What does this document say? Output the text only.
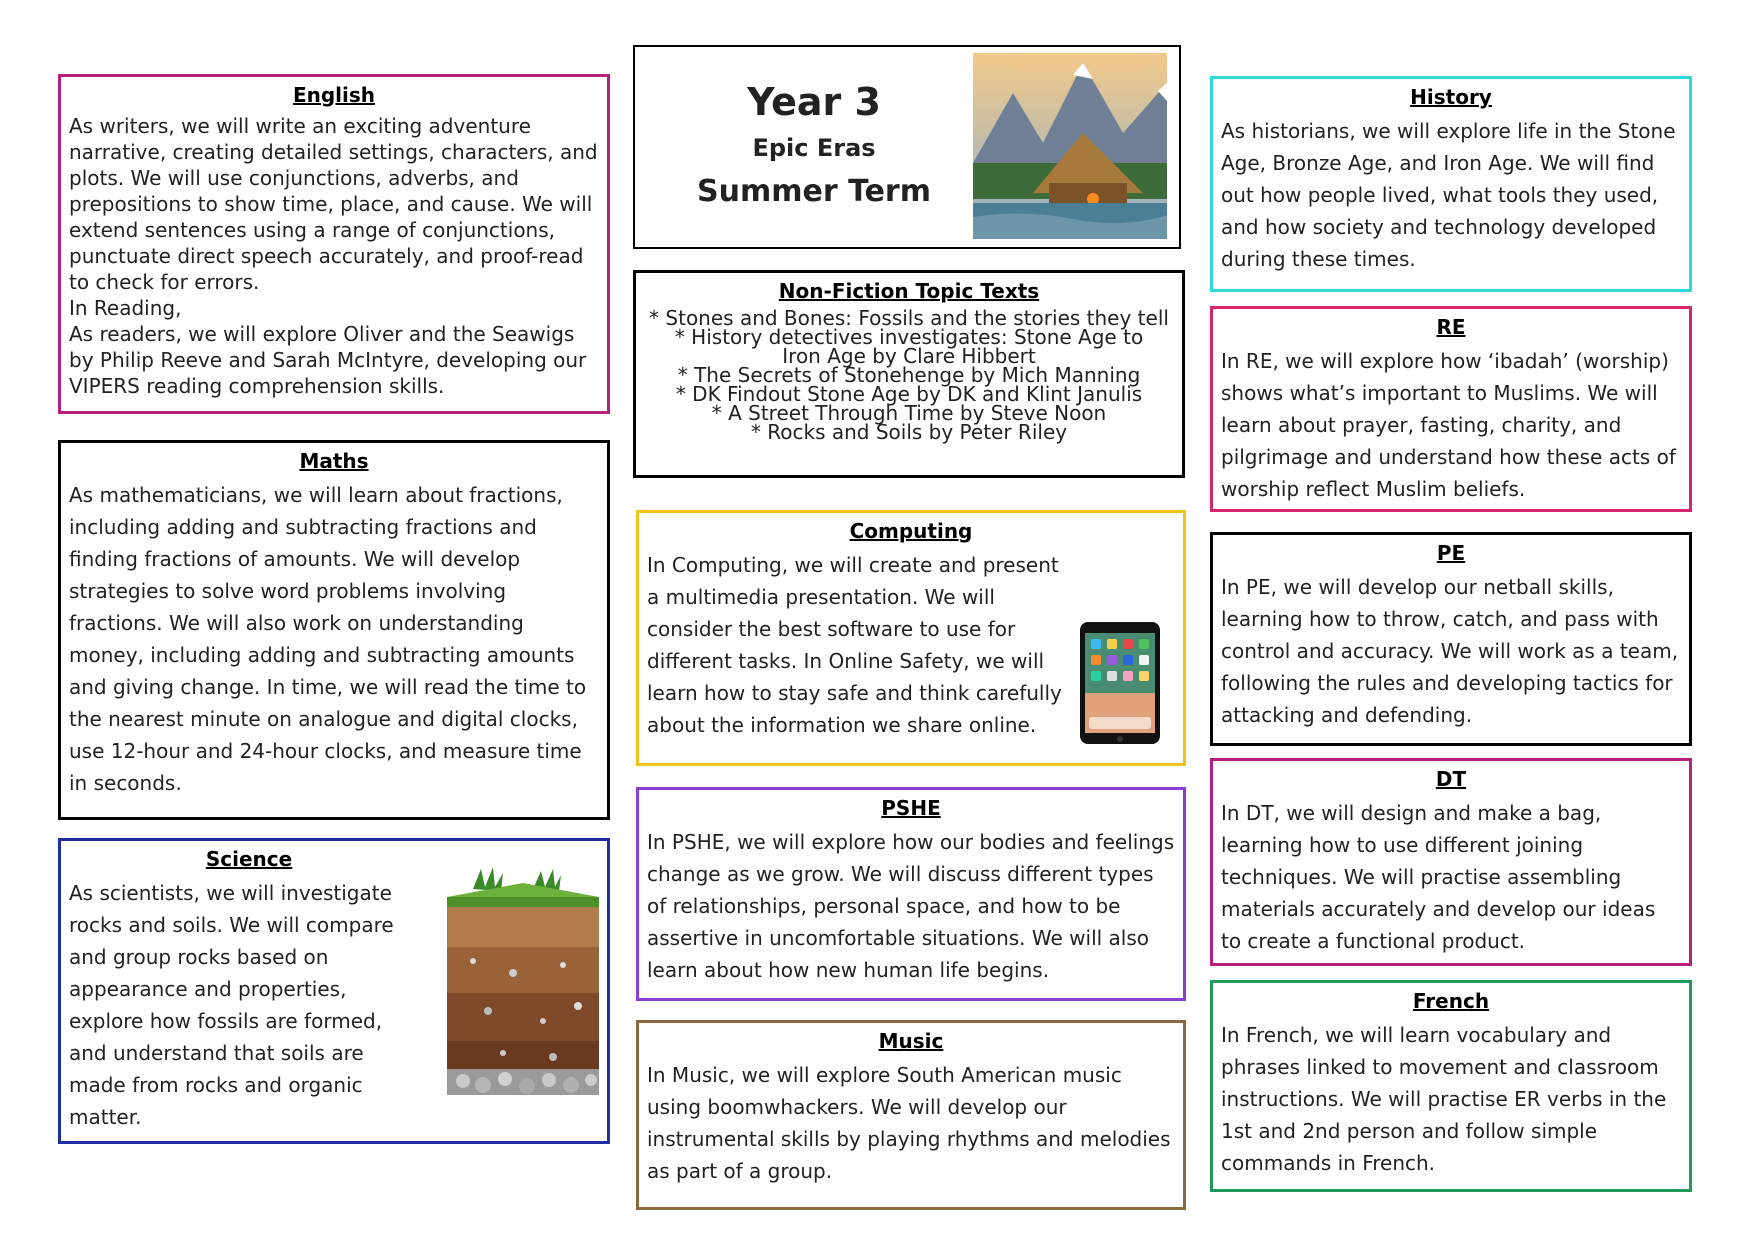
English

As writers, we will write an exciting adventure narrative, creating detailed settings, characters, and plots. We will use conjunctions, adverbs, and prepositions to show time, place, and cause. We will extend sentences using a range of conjunctions, punctuate direct speech accurately, and proof-read to check for errors.

In Reading,

As readers, we will explore Oliver and the Seawigs by Philip Reeve and Sarah McIntyre, developing our VIPERS reading comprehension skills.

Maths

As mathematicians, we will learn about fractions, including adding and subtracting fractions and finding fractions of amounts. We will develop strategies to solve word problems involving fractions. We will also work on understanding money, including adding and subtracting amounts and giving change. In time, we will read the time to the nearest minute on analogue and digital clocks, use 12-hour and 24-hour clocks, and measure time in seconds.

Science

As scientists, we will investigate rocks and soils. We will compare and group rocks based on appearance and properties, explore how fossils are formed, and understand that soils are made from rocks and organic matter.

Year 3

Epic Eras

Summer Term

Non-Fiction Topic Texts
* Stones and Bones: Fossils and the stories they tell
* History detectives investigates: Stone Age to Iron Age by Clare Hibbert
* The Secrets of Stonehenge by Mich Manning
* DK Findout Stone Age by DK and Klint Janulis
* A Street Through Time by Steve Noon
* Rocks and Soils by Peter Riley
Computing

In Computing, we will create and present a multimedia presentation. We will consider the best software to use for different tasks. In Online Safety, we will learn how to stay safe and think carefully about the information we share online.

PSHE

In PSHE, we will explore how our bodies and feelings change as we grow. We will discuss different types of relationships, personal space, and how to be assertive in uncomfortable situations. We will also learn about how new human life begins.

Music

In Music, we will explore South American music using boomwhackers. We will develop our instrumental skills by playing rhythms and melodies as part of a group.

History

As historians, we will explore life in the Stone Age, Bronze Age, and Iron Age. We will find out how people lived, what tools they used, and how society and technology developed during these times.

RE

In RE, we will explore how ‘ibadah’ (worship) shows what’s important to Muslims. We will learn about prayer, fasting, charity, and pilgrimage and understand how these acts of worship reflect Muslim beliefs.

PE

In PE, we will develop our netball skills, learning how to throw, catch, and pass with control and accuracy. We will work as a team, following the rules and developing tactics for attacking and defending.

DT

In DT, we will design and make a bag, learning how to use different joining techniques. We will practise assembling materials accurately and develop our ideas to create a functional product.

French

In French, we will learn vocabulary and phrases linked to movement and classroom instructions. We will practise ER verbs in the 1st and 2nd person and follow simple commands in French.
